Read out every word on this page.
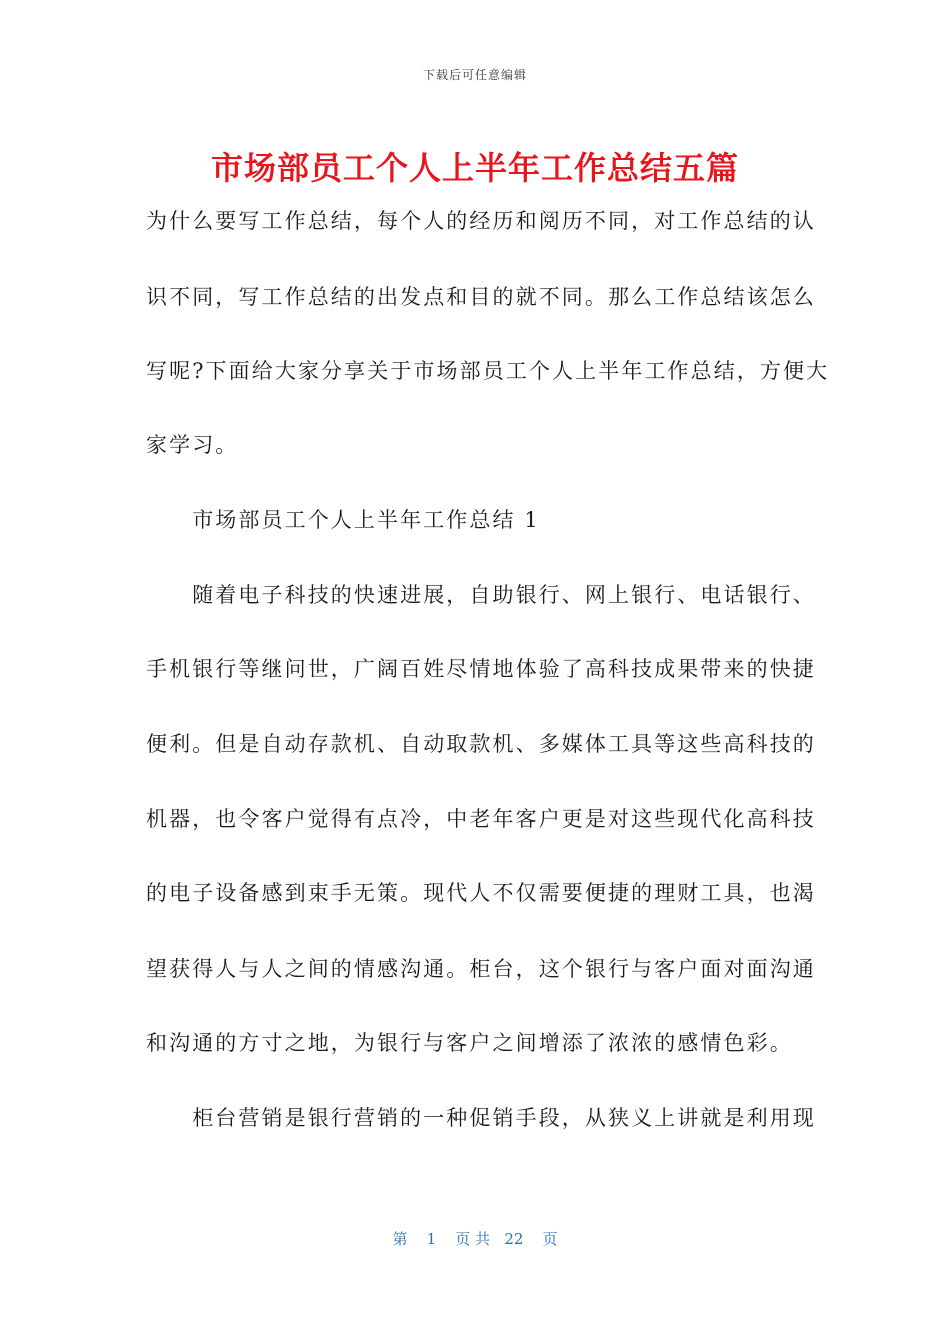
下载后可任意编辑
市场部员工个人上半年工作总结五篇
为什么要写工作总结，每个人的经历和阅历不同，对工作总结的认
识不同，写工作总结的出发点和目的就不同。那么工作总结该怎么
写呢?下面给大家分享关于市场部员工个人上半年工作总结，方便大
家学习。
　　市场部员工个人上半年工作总结 1
　　随着电子科技的快速进展，自助银行、网上银行、电话银行、
手机银行等继问世，广阔百姓尽情地体验了高科技成果带来的快捷
便利。但是自动存款机、自动取款机、多媒体工具等这些高科技的
机器，也令客户觉得有点冷，中老年客户更是对这些现代化高科技
的电子设备感到束手无策。现代人不仅需要便捷的理财工具，也渴
望获得人与人之间的情感沟通。柜台，这个银行与客户面对面沟通
和沟通的方寸之地，为银行与客户之间增添了浓浓的感情色彩。
　　柜台营销是银行营销的一种促销手段，从狭义上讲就是利用现
第 1 页 共 22 页
